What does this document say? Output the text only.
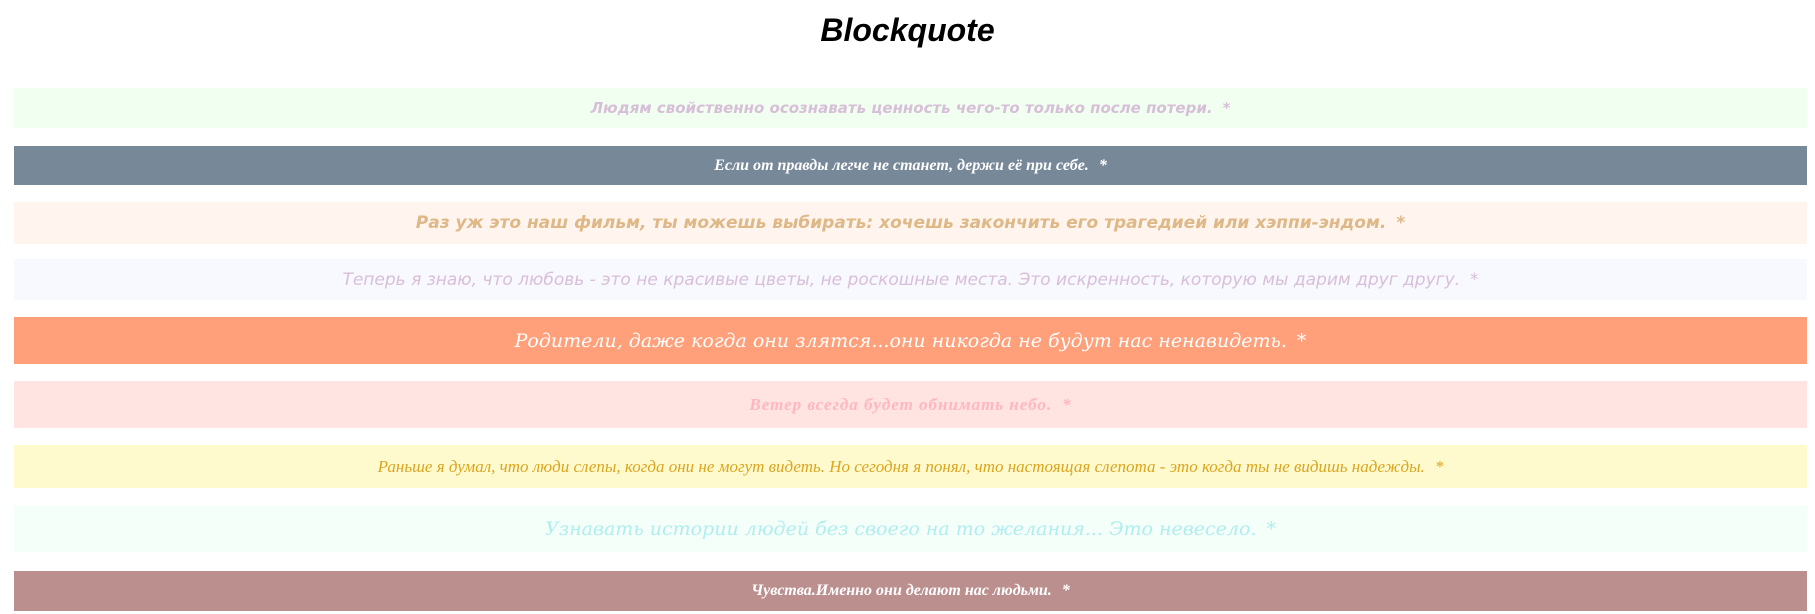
Blockquote
Людям свойственно осознавать ценность чего-то только после потери. *
Если от правды легче не станет, держи её при себе. *
Раз уж это наш фильм, ты можешь выбирать: хочешь закончить его трагедией или хэппи-эндом. *
Теперь я знаю, что любовь - это не красивые цветы, не роскошные места. Это искренность, которую мы дарим друг другу. *
Родители, даже когда они злятся...они никогда не будут нас ненавидеть. *
Ветер всегда будет обнимать небо. *
Раньше я думал, что люди слепы, когда они не могут видеть. Но сегодня я понял, что настоящая слепота - это когда ты не видишь надежды. *
Узнавать истории людей без своего на то желания... Это невесело. *
Чувства.Именно они делают нас людьми. *
